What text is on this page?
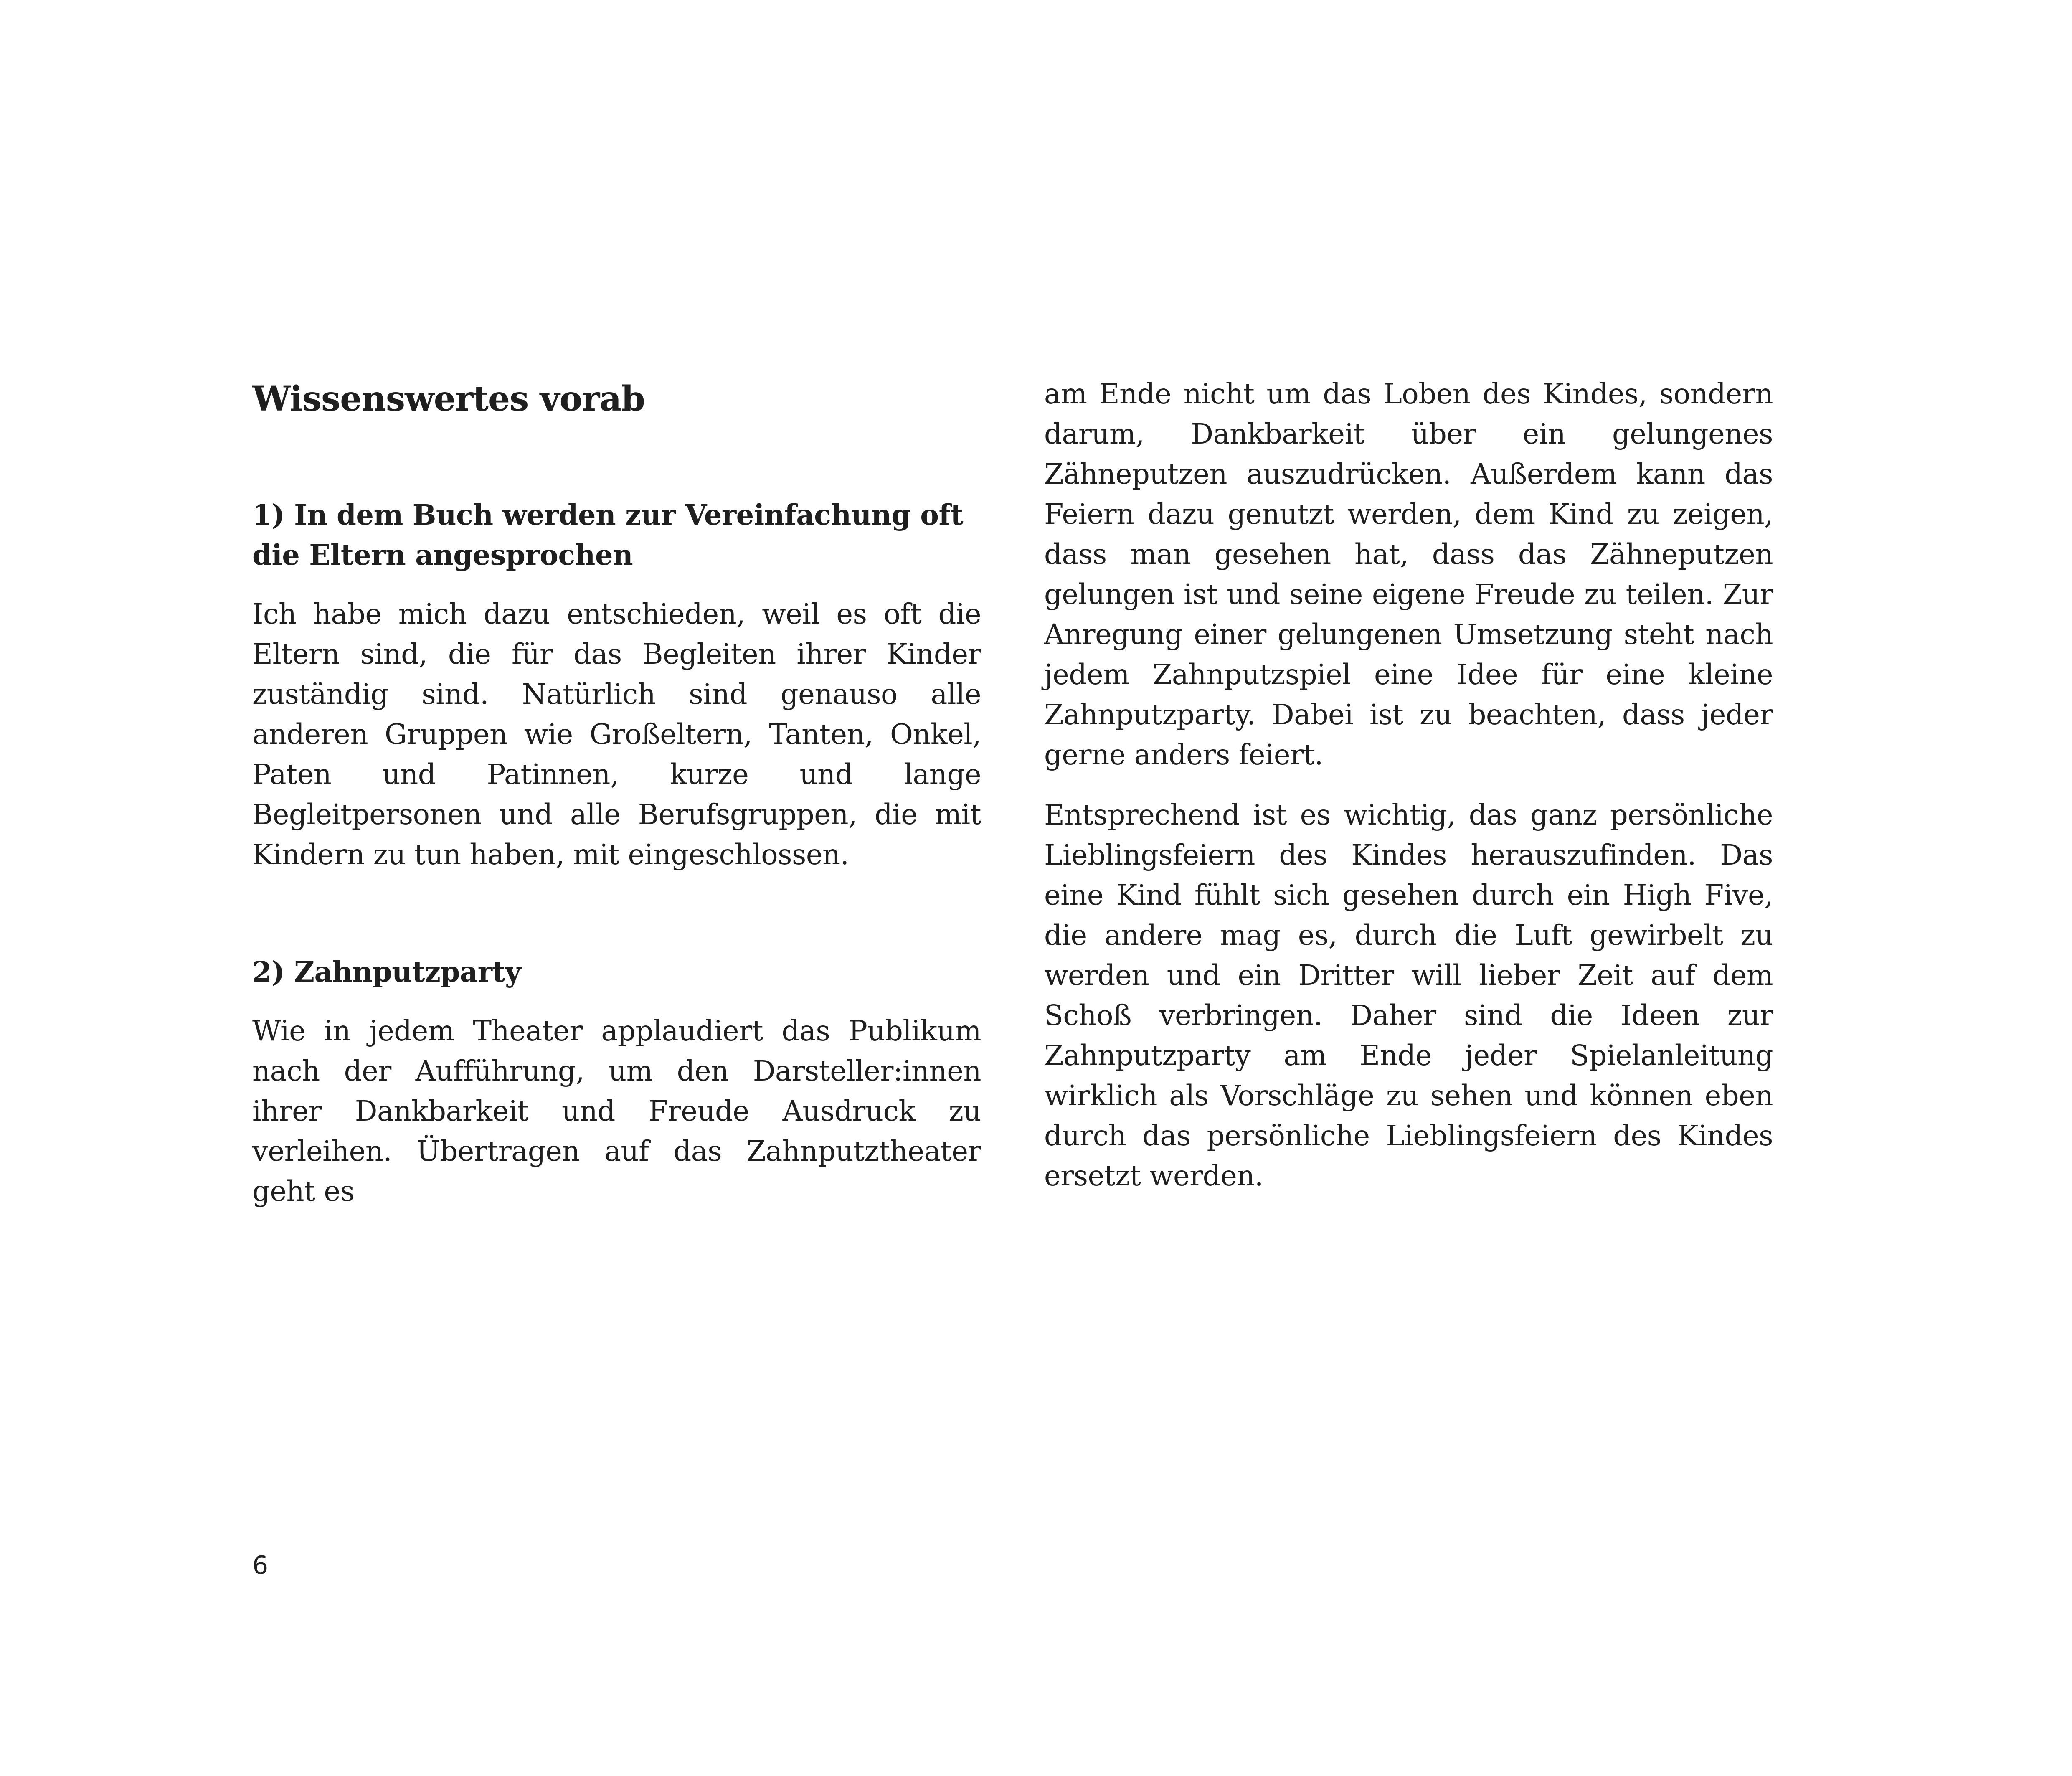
Wissenswertes vorab
1) In dem Buch werden zur Vereinfachung oft die Eltern angesprochen

Ich habe mich dazu entschieden, weil es oft die Eltern sind, die für das Begleiten ihrer Kinder zuständig sind. Natürlich sind genauso alle anderen Gruppen wie Großeltern, Tanten, Onkel, Paten und Patinnen, kurze und lange Begleitpersonen und alle Berufsgruppen, die mit Kindern zu tun haben, mit eingeschlossen.

2) Zahnputzparty

Wie in jedem Theater applaudiert das Publikum nach der Aufführung, um den Darsteller:innen ihrer Dankbarkeit und Freude Ausdruck zu verleihen. Übertragen auf das Zahnputztheater geht es

am Ende nicht um das Loben des Kindes, sondern darum, Dankbarkeit über ein gelungenes Zähneputzen auszudrücken. Außerdem kann das Feiern dazu genutzt werden, dem Kind zu zeigen, dass man gesehen hat, dass das Zähneputzen gelungen ist und seine eigene Freude zu teilen. Zur Anregung einer gelungenen Umsetzung steht nach jedem Zahnputzspiel eine Idee für eine kleine Zahnputzparty. Dabei ist zu beachten, dass jeder gerne anders feiert.

Entsprechend ist es wichtig, das ganz persönliche Lieblingsfeiern des Kindes herauszufinden. Das eine Kind fühlt sich gesehen durch ein High Five, die andere mag es, durch die Luft gewirbelt zu werden und ein Dritter will lieber Zeit auf dem Schoß verbringen. Daher sind die Ideen zur Zahnputzparty am Ende jeder Spielanleitung wirklich als Vorschläge zu sehen und können eben durch das persönliche Lieblingsfeiern des Kindes ersetzt werden.

6
